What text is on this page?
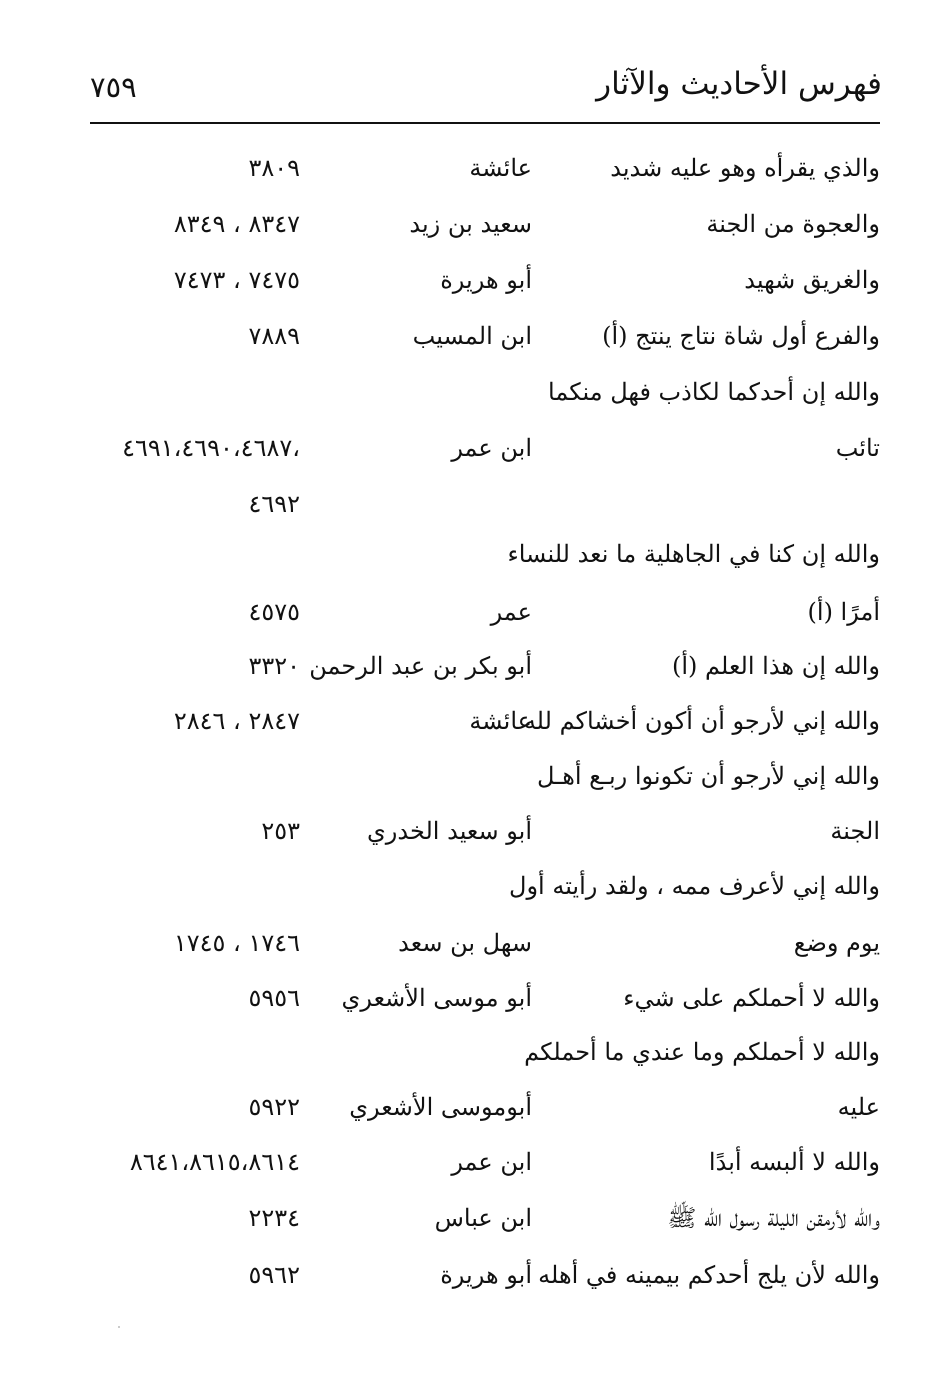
فهرس الأحاديث والآثار
٧٥٩
والذي يقرأه وهو عليه شديد
عائشة
٣٨٠٩
والعجوة من الجنة
سعيد بن زيد
٨٣٤٧ ، ٨٣٤٩
والغريق شهيد
أبو هريرة
٧٤٧٥ ، ٧٤٧٣
والفرع أول شاة نتاج ينتج (أ)
ابن المسيب
٧٨٨٩
والله إن أحدكما لكاذب فهل منكما
تائب
ابن عمر
،٤٦٩١،٤٦٩٠،٤٦٨٧
٤٦٩٢
والله إن كنا في الجاهلية ما نعد للنساء
أمرًا (أ)
عمر
٤٥٧٥
والله إن هذا العلم (أ)
أبو بكر بن عبد الرحمن
٣٣٢٠
والله إني لأرجو أن أكون أخشاكم لله
عائشة
٢٨٤٧ ، ٢٨٤٦
والله إني لأرجو أن تكونوا ربـع أهـل
الجنة
أبو سعيد الخدري
٢٥٣
والله إني لأعرف ممه ، ولقد رأيته أول
يوم وضع
سهل بن سعد
١٧٤٦ ، ١٧٤٥
والله لا أحملكم على شيء
أبو موسى الأشعري
٥٩٥٦
والله لا أحملكم وما عندي ما أحملكم
عليه
أبوموسى الأشعري
٥٩٢٢
والله لا ألبسه أبدًا
ابن عمر
٨٦٤١،٨٦١٥،٨٦١٤
والله لأرمقن الليلة رسول الله ﷺ
ابن عباس
٢٢٣٤
والله لأن يلج أحدكم بيمينه في أهله
أبو هريرة
٥٩٦٢
